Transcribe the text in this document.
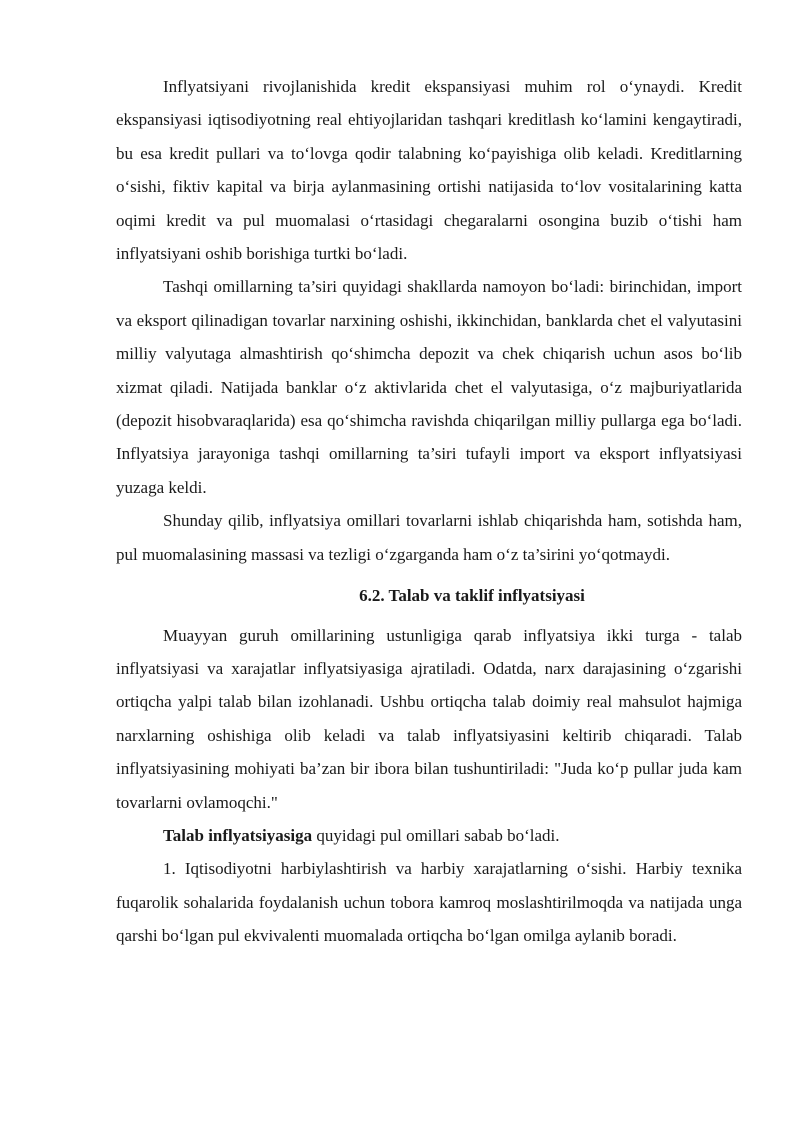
Inflyatsiyani rivojlanishida kredit ekspansiyasi muhim rol o‘ynaydi. Kredit ekspansiyasi iqtisodiyotning real ehtiyojlaridan tashqari kreditlash ko‘lamini kengaytiradi, bu esa kredit pullari va to‘lovga qodir talabning ko‘payishiga olib keladi. Kreditlarning o‘sishi, fiktiv kapital va birja aylanmasining ortishi natijasida to‘lov vositalarining katta oqimi kredit va pul muomalasi o‘rtasidagi chegaralarni osongina buzib o‘tishi ham inflyatsiyani oshib borishiga turtki bo‘ladi.

Tashqi omillarning ta’siri quyidagi shakllarda namoyon bo‘ladi: birinchidan, import va eksport qilinadigan tovarlar narxining oshishi, ikkinchidan, banklarda chet el valyutasini milliy valyutaga almashtirish qo‘shimcha depozit va chek chiqarish uchun asos bo‘lib xizmat qiladi. Natijada banklar o‘z aktivlarida chet el valyutasiga, o‘z majburiyatlarida (depozit hisobvaraqlarida) esa qo‘shimcha ravishda chiqarilgan milliy pullarga ega bo‘ladi. Inflyatsiya jarayoniga tashqi omillarning ta’siri tufayli import va eksport inflyatsiyasi yuzaga keldi.

Shunday qilib, inflyatsiya omillari tovarlarni ishlab chiqarishda ham, sotishda ham, pul muomalasining massasi va tezligi o‘zgarganda ham o‘z ta’sirini yo‘qotmaydi.

6.2. Talab va taklif inflyatsiyasi

Muayyan guruh omillarining ustunligiga qarab inflyatsiya ikki turga - talab inflyatsiyasi va xarajatlar inflyatsiyasiga ajratiladi. Odatda, narx darajasining o‘zgarishi ortiqcha yalpi talab bilan izohlanadi. Ushbu ortiqcha talab doimiy real mahsulot hajmiga narxlarning oshishiga olib keladi va talab inflyatsiyasini keltirib chiqaradi. Talab inflyatsiyasining mohiyati ba’zan bir ibora bilan tushuntiriladi: "Juda ko‘p pullar juda kam tovarlarni ovlamoqchi."

Talab inflyatsiyasiga quyidagi pul omillari sabab bo‘ladi.

1. Iqtisodiyotni harbiylashtirish va harbiy xarajatlarning o‘sishi. Harbiy texnika fuqarolik sohalarida foydalanish uchun tobora kamroq moslashtirilmoqda va natijada unga qarshi bo‘lgan pul ekvivalenti muomalada ortiqcha bo‘lgan omilga aylanib boradi.
